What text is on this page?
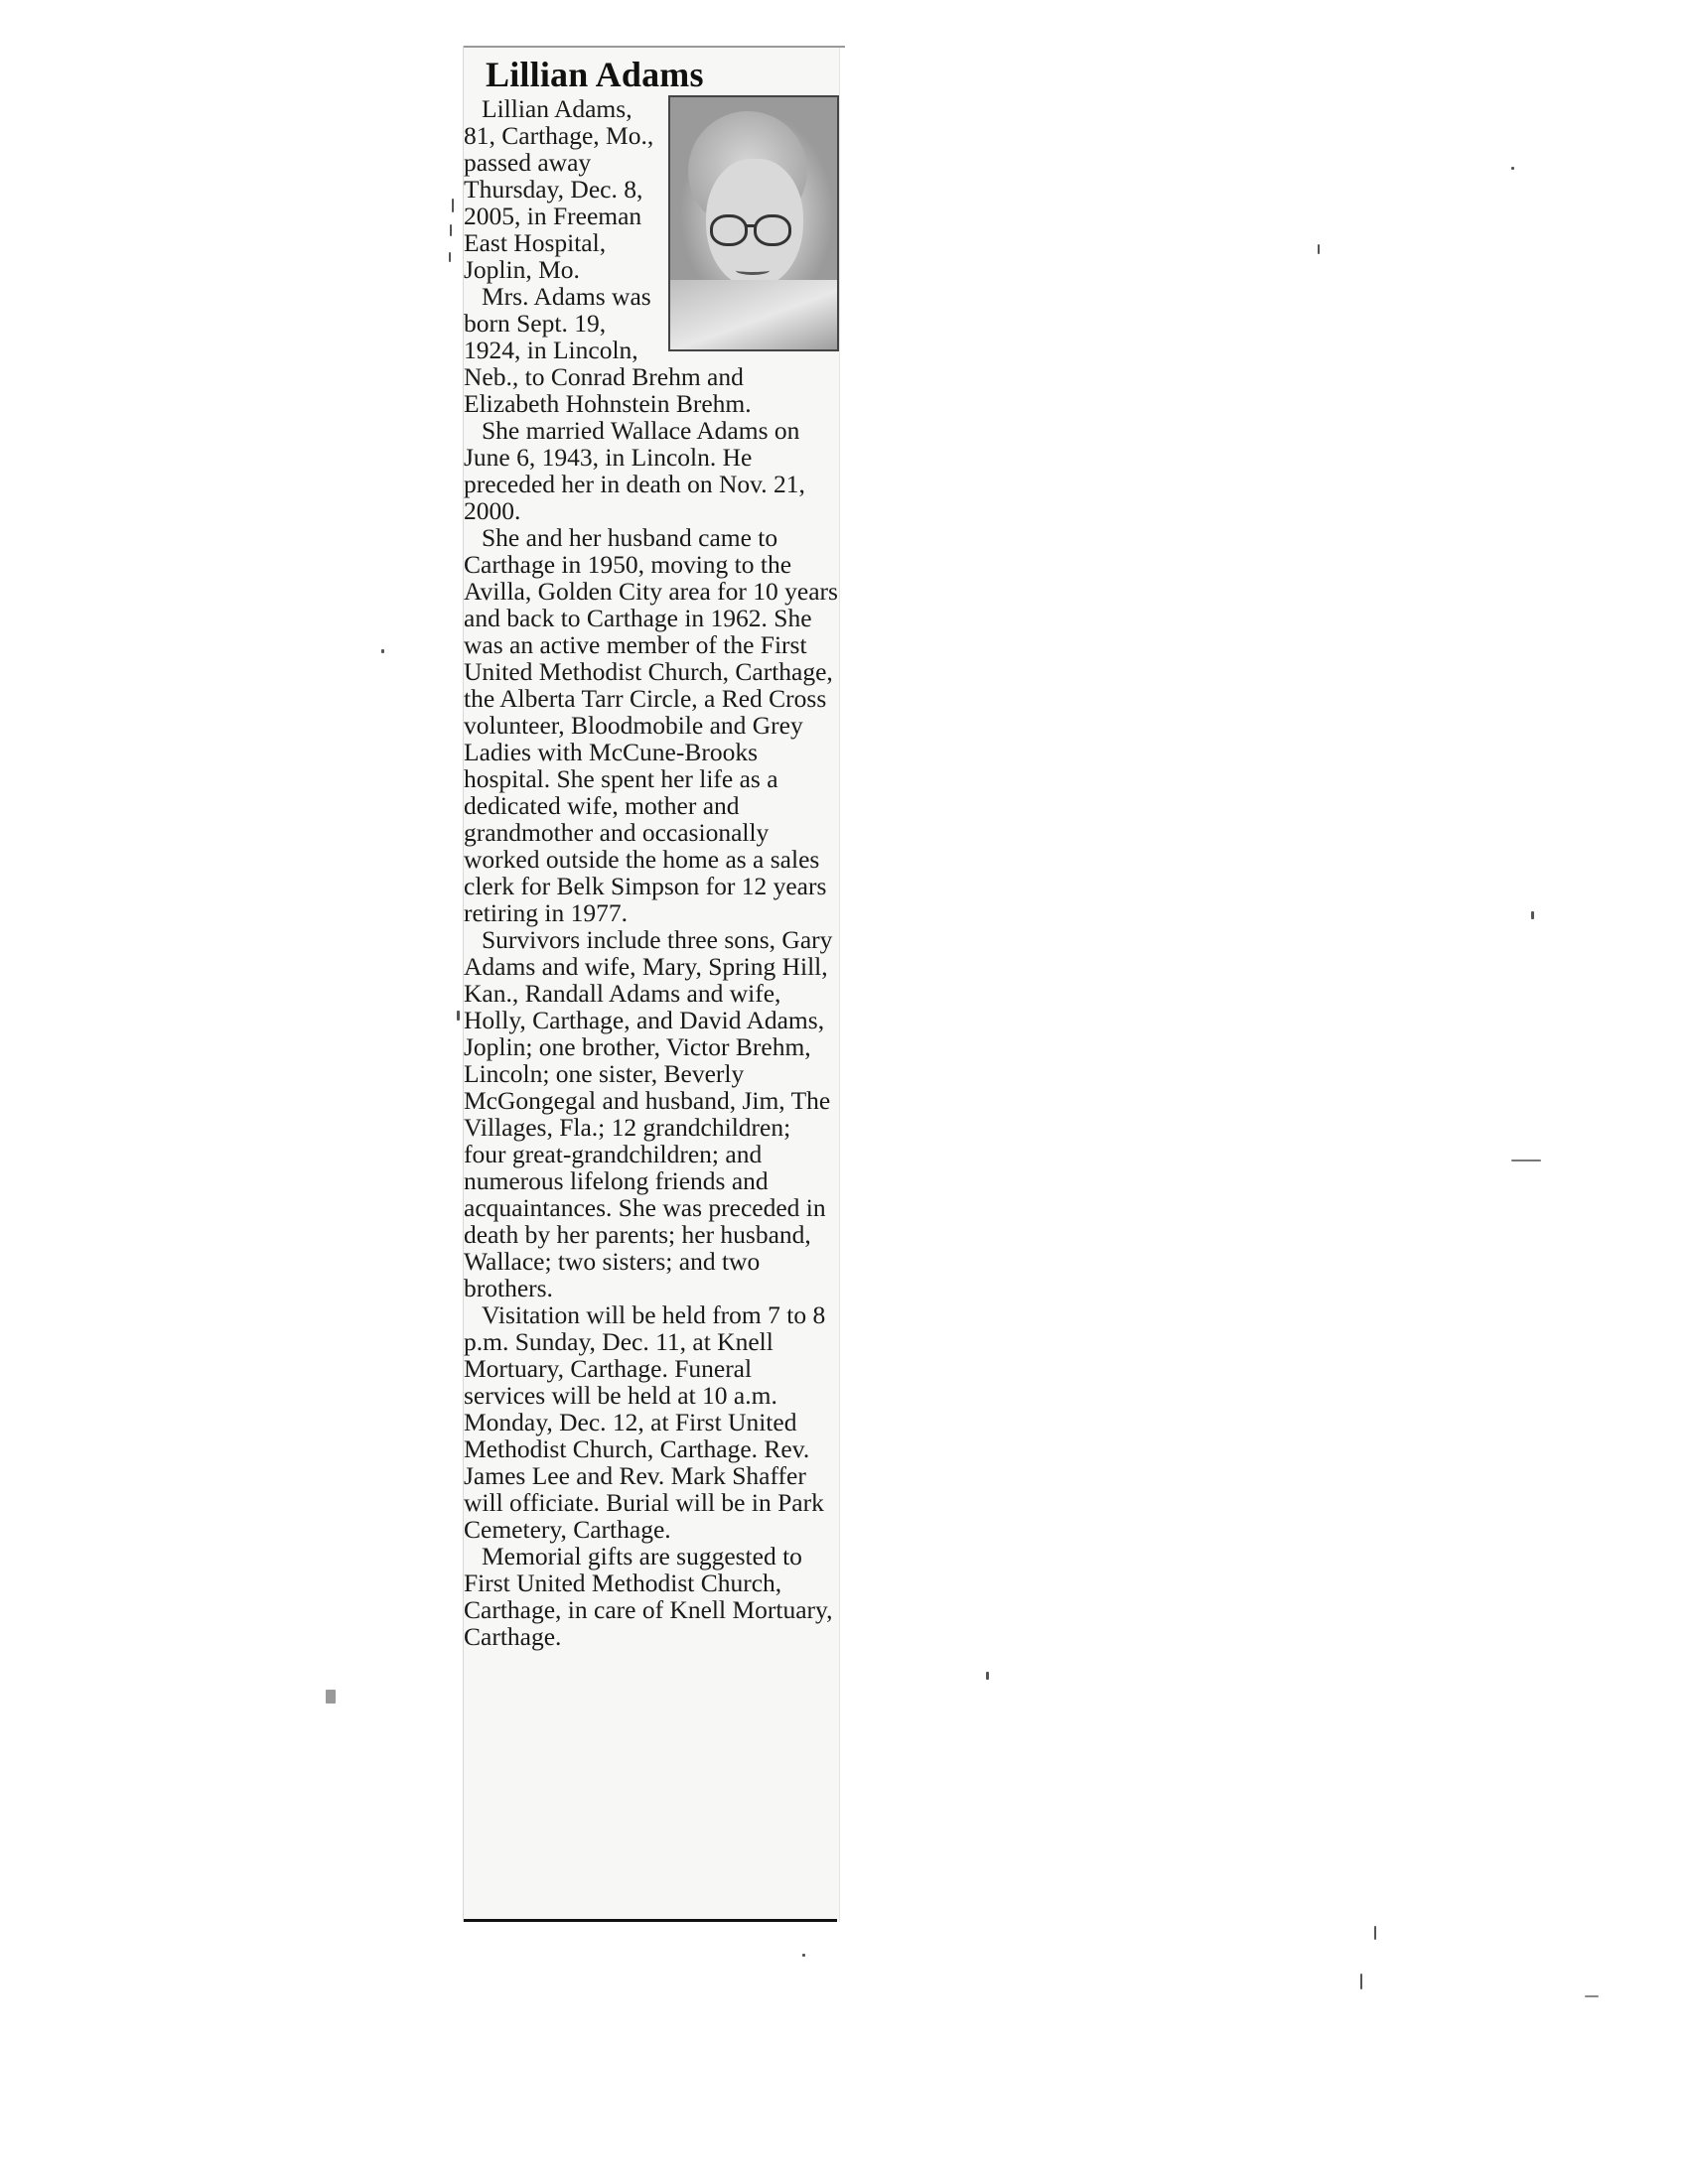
Lillian Adams

Lillian Adams, 81, Carthage, Mo., passed away Thursday, Dec. 8, 2005, in Freeman East Hospital, Joplin, Mo.

Mrs. Adams was born Sept. 19, 1924, in Lincoln, Neb., to Conrad Brehm and Elizabeth Hohnstein Brehm.

She married Wallace Adams on June 6, 1943, in Lincoln. He preceded her in death on Nov. 21, 2000.

She and her husband came to Carthage in 1950, moving to the Avilla, Golden City area for 10 years and back to Carthage in 1962. She was an active member of the First United Methodist Church, Carthage, the Alberta Tarr Circle, a Red Cross volunteer, Bloodmobile and Grey Ladies with McCune-Brooks hospital. She spent her life as a dedicated wife, mother and grandmother and occasionally worked outside the home as a sales clerk for Belk Simpson for 12 years retiring in 1977.

Survivors include three sons, Gary Adams and wife, Mary, Spring Hill, Kan., Randall Adams and wife, Holly, Carthage, and David Adams, Joplin; one brother, Victor Brehm, Lincoln; one sister, Beverly McGongegal and husband, Jim, The Villages, Fla.; 12 grandchildren; four great-grandchildren; and numerous lifelong friends and acquaintances. She was preceded in death by her parents; her husband, Wallace; two sisters; and two brothers.

Visitation will be held from 7 to 8 p.m. Sunday, Dec. 11, at Knell Mortuary, Carthage. Funeral services will be held at 10 a.m. Monday, Dec. 12, at First United Methodist Church, Carthage. Rev. James Lee and Rev. Mark Shaffer will officiate. Burial will be in Park Cemetery, Carthage.

Memorial gifts are suggested to First United Methodist Church, Carthage, in care of Knell Mortuary, Carthage.
